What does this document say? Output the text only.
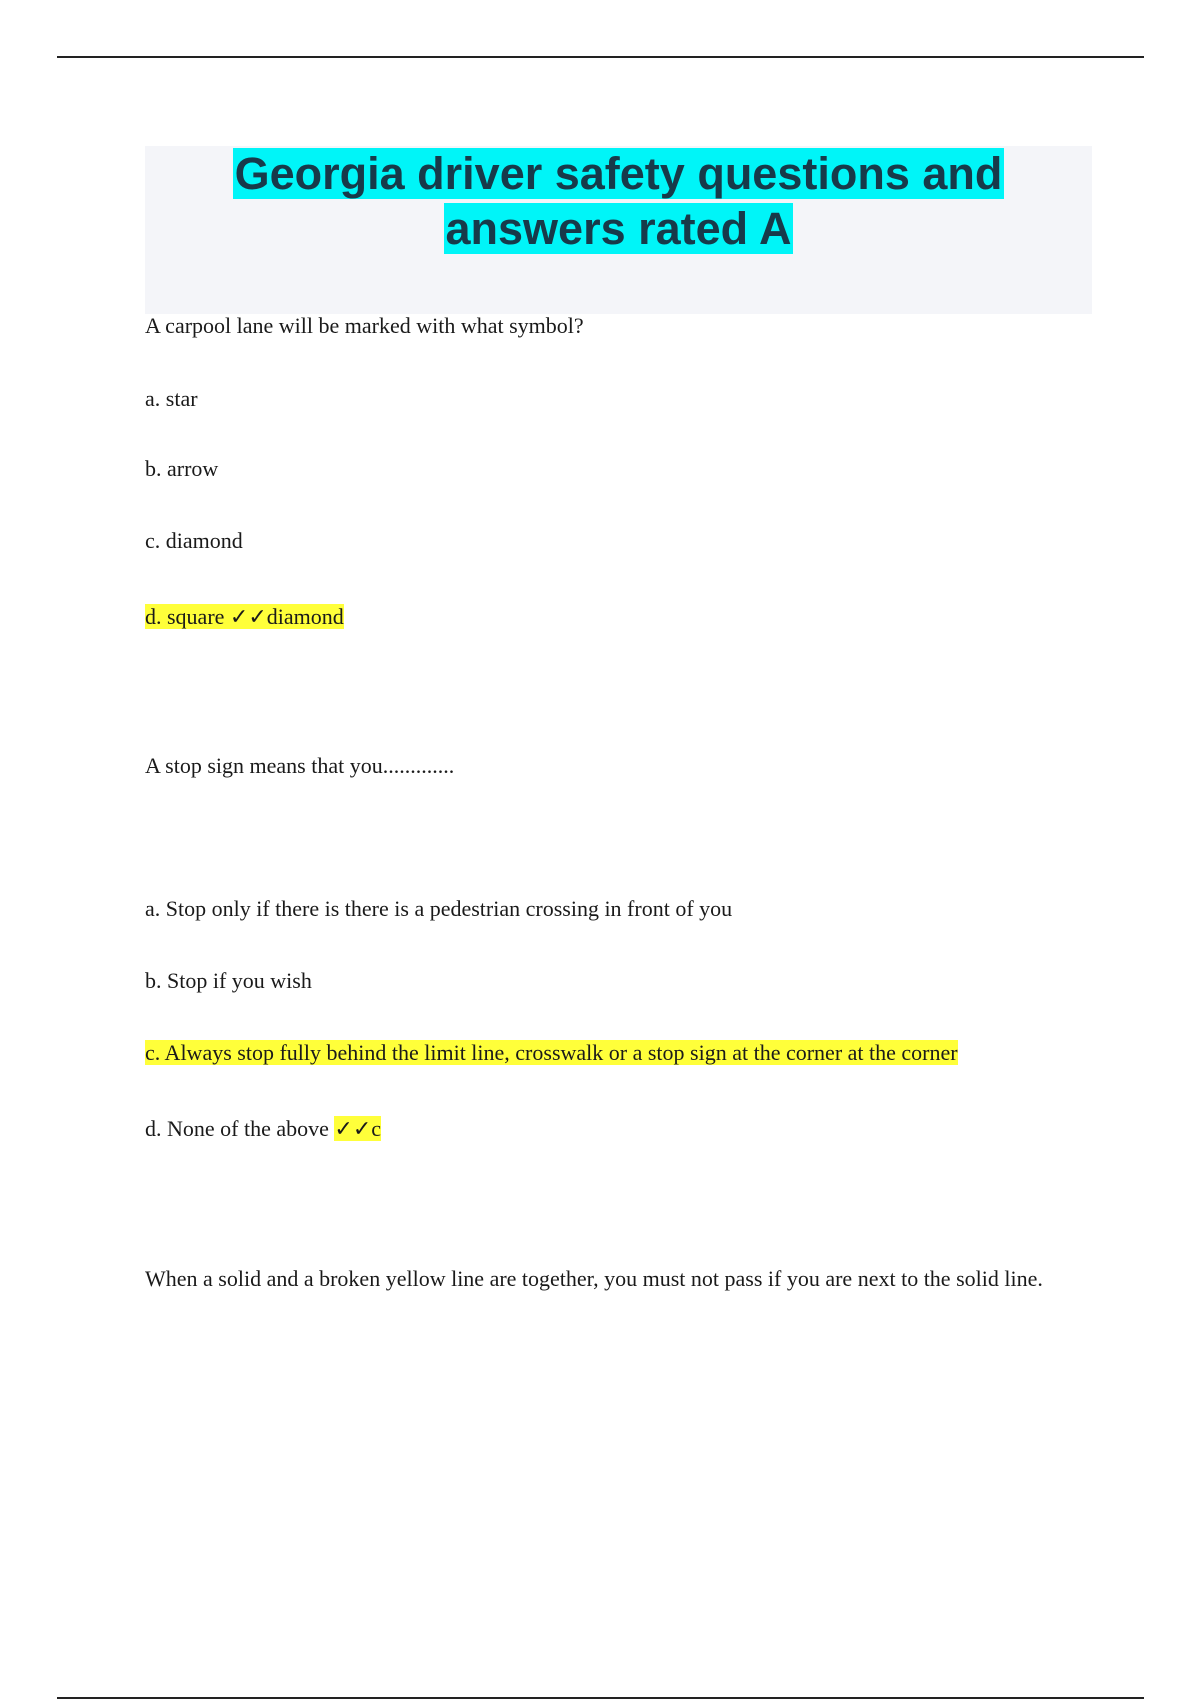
Georgia driver safety questions and
answers rated A

A carpool lane will be marked with what symbol?

a. star

b. arrow

c. diamond

d. square ✓✓diamond

A stop sign means that you.............

a. Stop only if there is there is a pedestrian crossing in front of you

b. Stop if you wish

c. Always stop fully behind the limit line, crosswalk or a stop sign at the corner at the corner

d. None of the above ✓✓c

When a solid and a broken yellow line are together, you must not pass if you are next to the solid line.
